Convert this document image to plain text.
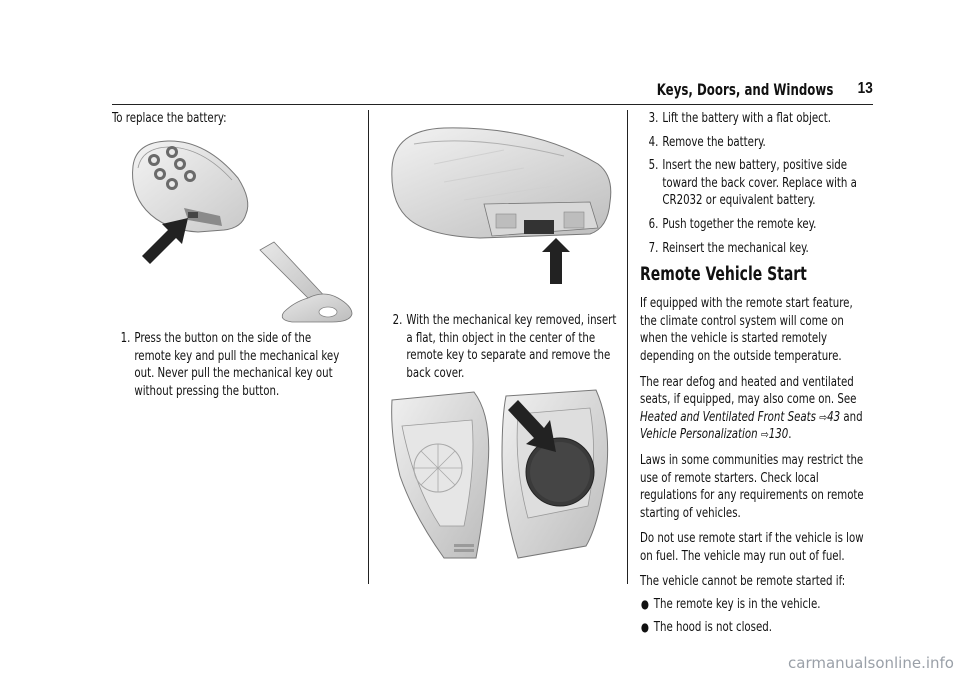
Keys, Doors, and Windows 13

To replace the battery:

1. Press the button on the side of the
remote key and pull the mechanical key
out. Never pull the mechanical key out
without pressing the button.
2. With the mechanical key removed, insert
a flat, thin object in the center of the
remote key to separate and remove the
back cover.
3. Lift the battery with a flat object.
4. Remove the battery.
5. Insert the new battery, positive side
toward the back cover. Replace with a
CR2032 or equivalent battery.
6. Push together the remote key.
7. Reinsert the mechanical key.
Remote Vehicle Start
If equipped with the remote start feature,
the climate control system will come on
when the vehicle is started remotely
depending on the outside temperature.
The rear defog and heated and ventilated
seats, if equipped, may also come on. See
Heated and Ventilated Front Seats ⇨43 and
Vehicle Personalization ⇨130.
Laws in some communities may restrict the
use of remote starters. Check local
regulations for any requirements on remote
starting of vehicles.
Do not use remote start if the vehicle is low
on fuel. The vehicle may run out of fuel.
The vehicle cannot be remote started if:
● The remote key is in the vehicle.
● The hood is not closed.
carmanualsonline.info
